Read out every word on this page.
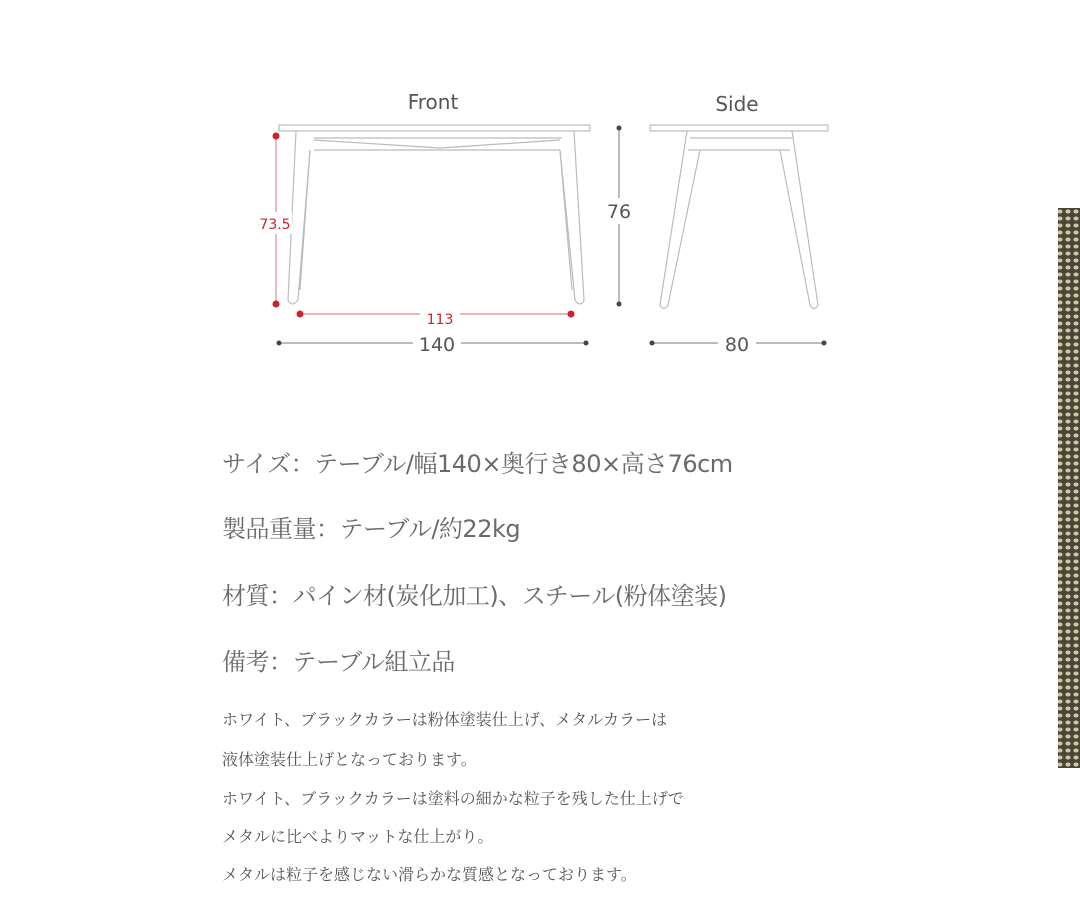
Front	Side
73.5
113
140
76
80
サイズ：テーブル/幅140×奥行き80×高さ76cm
製品重量：テーブル/約22kg
材質：パイン材(炭化加工)、スチール(粉体塗装)
備考：テーブル組立品
ホワイト、ブラックカラーは粉体塗装仕上げ、メタルカラーは
液体塗装仕上げとなっております。
ホワイト、ブラックカラーは塗料の細かな粒子を残した仕上げで
メタルに比べよりマットな仕上がり。
メタルは粒子を感じない滑らかな質感となっております。
